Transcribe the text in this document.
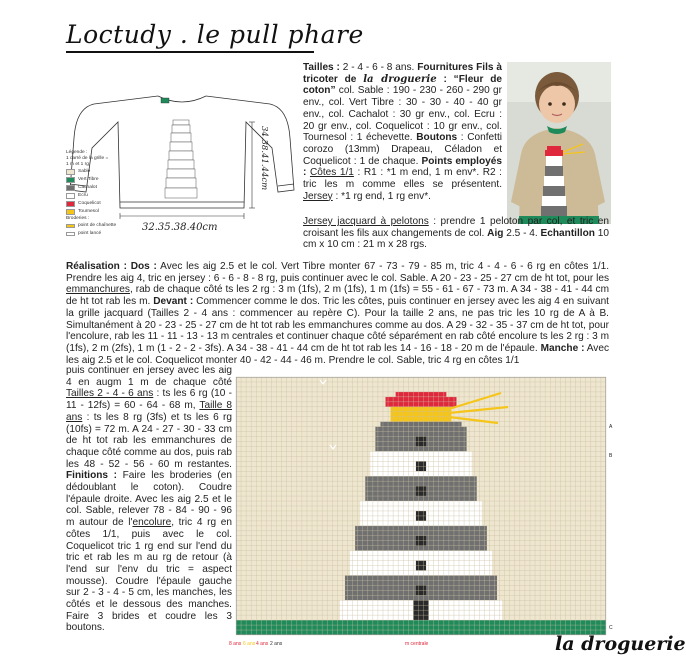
Loctudy . le pull phare
32.35.38.40cm
34.38.41.44cm
Légende :
1 carré de la grille =
1 m et 1 rg
Sable
Vert Tibre
Cachalot
Ecru
Coquelicot
Tournesol
Broderies :
point de chaînette
point lancé
Tailles : 2 - 4 - 6 - 8 ans. Fournitures Fils à tricoter de la droguerie : “Fleur de coton” col. Sable : 190 - 230 - 260 - 290 gr env., col. Vert Tibre : 30 - 30 - 40 - 40 gr env., col. Cachalot : 30 gr env., col. Ecru : 20 gr env., col. Coquelicot : 10 gr env., col. Tournesol : 1 échevette. Boutons : Confetti corozo (13mm) Drapeau, Céladon et Coquelicot : 1 de chaque. Points employés : Côtes 1/1 : R1 : *1 m end, 1 m env*. R2 : tric les m comme elles se présentent. Jersey : *1 rg end, 1 rg env*.
Jersey jacquard à pelotons : prendre 1 peloton par col, et tric en croisant les fils aux changements de col. Aig 2.5 - 4. Echantillon 10 cm x 10 cm : 21 m x 28 rgs.
Réalisation : Dos : Avec les aig 2.5 et le col. Vert Tibre monter 67 - 73 - 79 - 85 m, tric 4 - 4 - 6 - 6 rg en côtes 1/1. Prendre les aig 4, tric en jersey : 6 - 6 - 8 - 8 rg, puis continuer avec le col. Sable. A 20 - 23 - 25 - 27 cm de ht tot, pour les emmanchures, rab de chaque côté ts les 2 rg : 3 m (1fs), 2 m (1fs), 1 m (1fs) = 55 - 61 - 67 - 73 m. A 34 - 38 - 41 - 44 cm de ht tot rab les m. Devant : Commencer comme le dos. Tric les côtes, puis continuer en jersey avec les aig 4 en suivant la grille jacquard (Tailles 2 - 4 ans : commencer au repère C). Pour la taille 2 ans, ne pas tric les 10 rg de A à B. Simultanément à 20 - 23 - 25 - 27 cm de ht tot rab les emmanchures comme au dos. A 29 - 32 - 35 - 37 cm de ht tot, pour l'encolure, rab les 11 - 11 - 13 - 13 m centrales et continuer chaque côté séparément en rab côté encolure ts les 2 rg : 3 m (1fs), 2 m (2fs), 1 m (1 - 2 - 2 - 3fs). A 34 - 38 - 41 - 44 cm de ht tot rab les 14 - 16 - 18 - 20 m de l'épaule. Manche : Avec les aig 2.5 et le col. Coquelicot monter 40 - 42 - 44 - 46 m. Prendre le col. Sable, tric 4 rg en côtes 1/1
puis continuer en jersey avec les aig 4 en augm 1 m de chaque côté Tailles 2 - 4 - 6 ans : ts les 6 rg (10 - 11 - 12fs) = 60 - 64 - 68 m, Taille 8 ans : ts les 8 rg (3fs) et ts les 6 rg (10fs) = 72 m. A 24 - 27 - 30 - 33 cm de ht tot rab les emmanchures de chaque côté comme au dos, puis rab les 48 - 52 - 56 - 60 m restantes. Finitions : Faire les broderies (en dédoublant le coton). Coudre l'épaule droite. Avec les aig 2.5 et le col. Sable, relever 78 - 84 - 90 - 96 m autour de l'encolure, tric 4 rg en côtes 1/1, puis avec le col. Coquelicot tric 1 rg end sur l'end du tric et rab les m au rg de retour (à l'end sur l'env du tric = aspect mousse). Coudre l'épaule gauche sur 2 - 3 - 4 - 5 cm, les manches, les côtés et le dessous des manches. Faire 3 brides et coudre les 3 boutons.
A
B
C
8 ans 6 ans 4 ans 2 ans	m centrale	la droguerie
